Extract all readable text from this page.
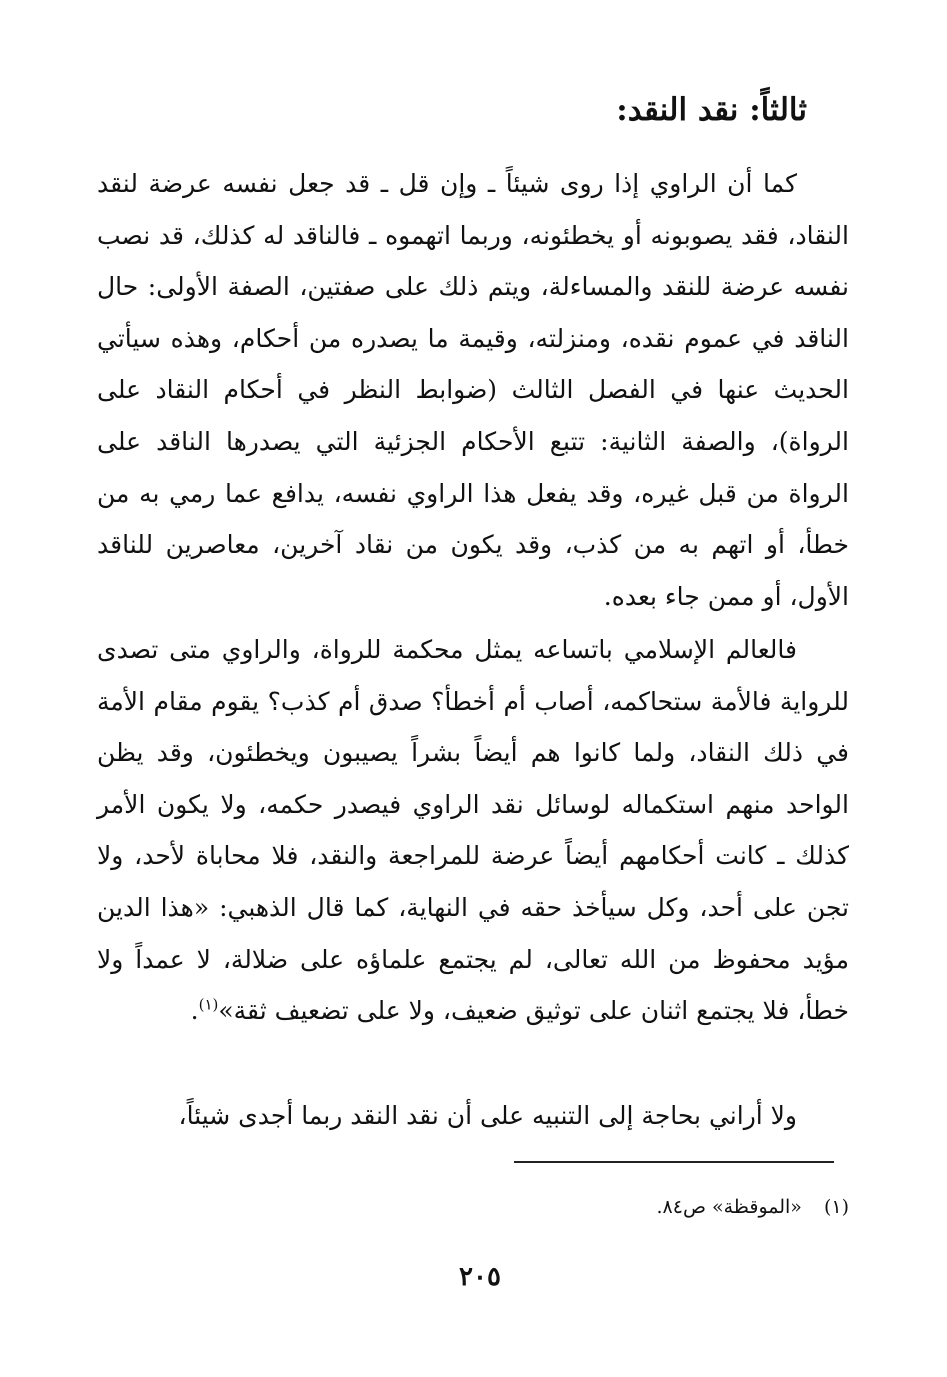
ثالثاً: نقد النقد:

كما أن الراوي إذا روى شيئاً ـ وإن قل ـ قد جعل نفسه عرضة لنقد النقاد، فقد يصوبونه أو يخطئونه، وربما اتهموه ـ فالناقد له كذلك، قد نصب نفسه عرضة للنقد والمساءلة، ويتم ذلك على صفتين، الصفة الأولى: حال الناقد في عموم نقده، ومنزلته، وقيمة ما يصدره من أحكام، وهذه سيأتي الحديث عنها في الفصل الثالث (ضوابط النظر في أحكام النقاد على الرواة)، والصفة الثانية: تتبع الأحكام الجزئية التي يصدرها الناقد على الرواة من قبل غيره، وقد يفعل هذا الراوي نفسه، يدافع عما رمي به من خطأ، أو اتهم به من كذب، وقد يكون من نقاد آخرين، معاصرين للناقد الأول، أو ممن جاء بعده.

فالعالم الإسلامي باتساعه يمثل محكمة للرواة، والراوي متى تصدى للرواية فالأمة ستحاكمه، أصاب أم أخطأ؟ صدق أم كذب؟ يقوم مقام الأمة في ذلك النقاد، ولما كانوا هم أيضاً بشراً يصيبون ويخطئون، وقد يظن الواحد منهم استكماله لوسائل نقد الراوي فيصدر حكمه، ولا يكون الأمر كذلك ـ كانت أحكامهم أيضاً عرضة للمراجعة والنقد، فلا محاباة لأحد، ولا تجن على أحد، وكل سيأخذ حقه في النهاية، كما قال الذهبي: «هذا الدين مؤيد محفوظ من الله تعالى، لم يجتمع علماؤه على ضلالة، لا عمداً ولا خطأ، فلا يجتمع اثنان على توثيق ضعيف، ولا على تضعيف ثقة»$^{(١)}$.

ولا أراني بحاجة إلى التنبيه على أن نقد النقد ربما أجدى شيئاً،

(١)«الموقظة» ص٨٤.

٢٠٥
